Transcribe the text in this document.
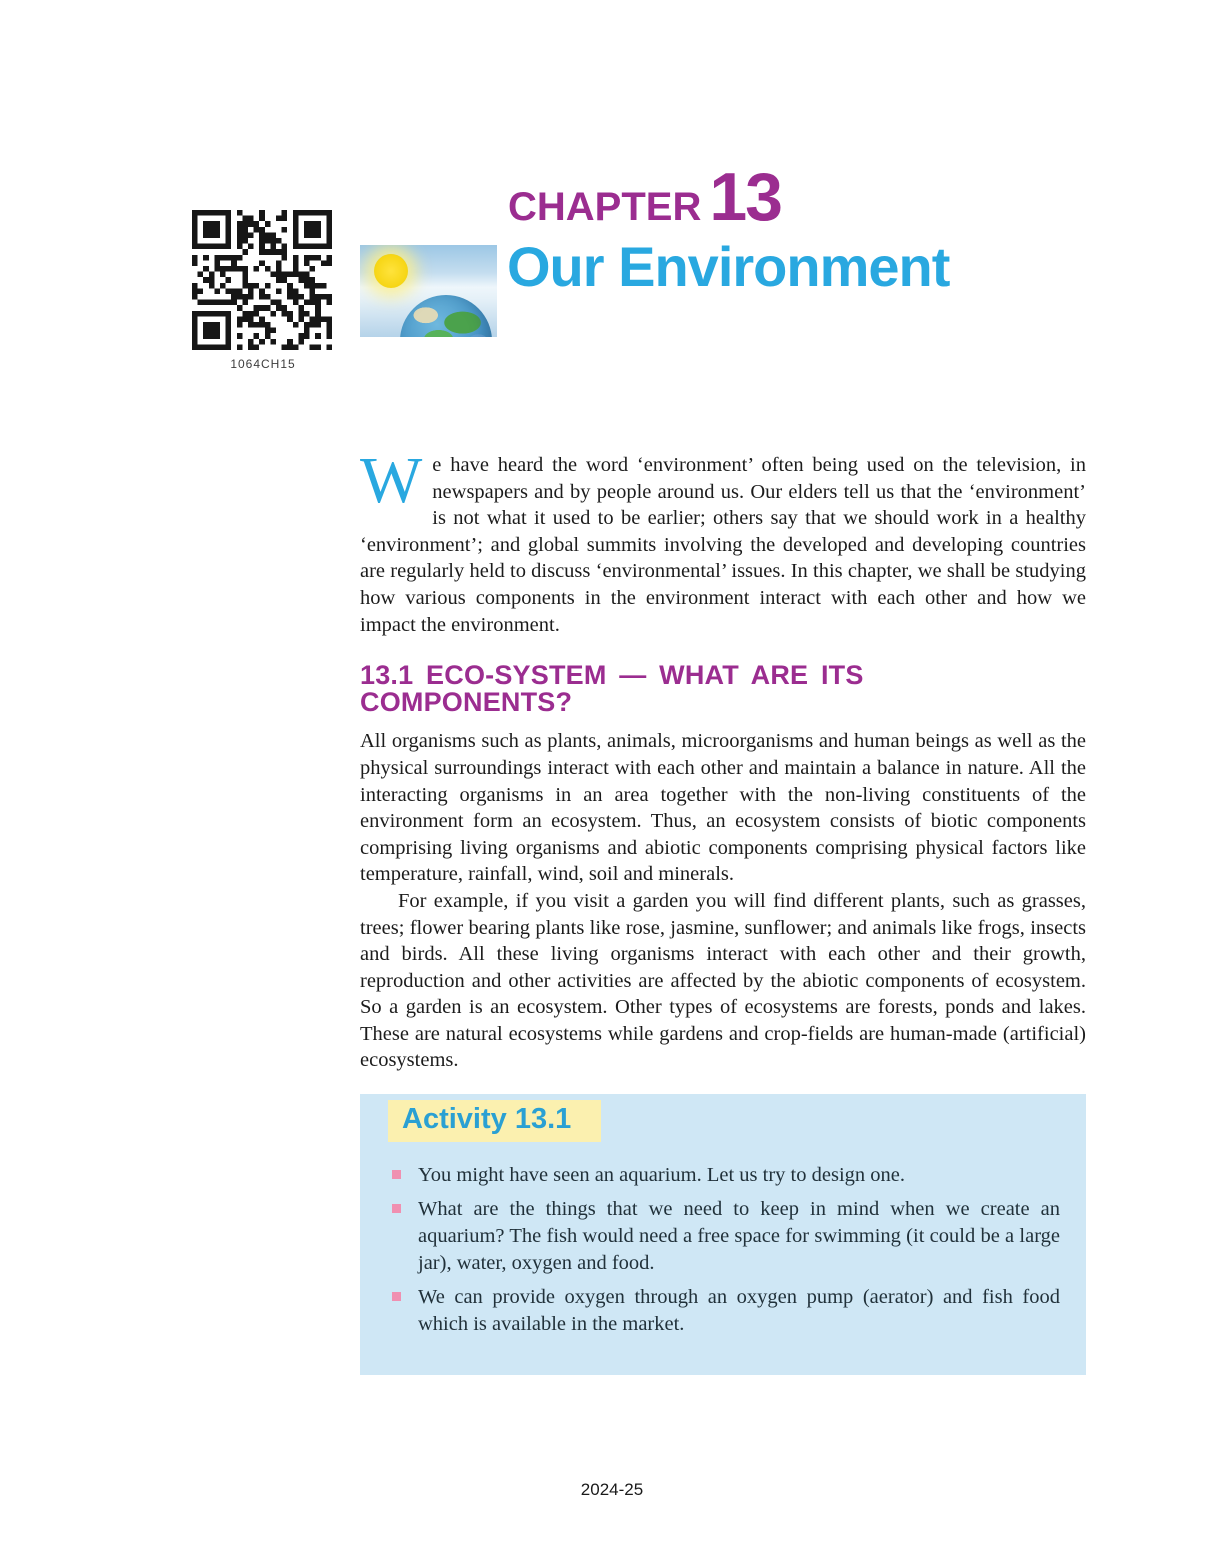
1064CH15
CHAPTER 13
Our Environment

We have heard the word ‘environment’ often being used on the television, in newspapers and by people around us. Our elders tell us that the ‘environment’ is not what it used to be earlier; others say that we should work in a healthy ‘environment’; and global summits involving the developed and developing countries are regularly held to discuss ‘environmental’ issues. In this chapter, we shall be studying how various components in the environment interact with each other and how we impact the environment.

13.1 ECO-SYSTEM — WHAT ARE ITS COMPONENTS?

All organisms such as plants, animals, microorganisms and human beings as well as the physical surroundings interact with each other and maintain a balance in nature. All the interacting organisms in an area together with the non-living constituents of the environment form an ecosystem. Thus, an ecosystem consists of biotic components comprising living organisms and abiotic components comprising physical factors like temperature, rainfall, wind, soil and minerals.

For example, if you visit a garden you will find different plants, such as grasses, trees; flower bearing plants like rose, jasmine, sunflower; and animals like frogs, insects and birds. All these living organisms interact with each other and their growth, reproduction and other activities are affected by the abiotic components of ecosystem. So a garden is an ecosystem. Other types of ecosystems are forests, ponds and lakes. These are natural ecosystems while gardens and crop-fields are human-made (artificial) ecosystems.

Activity 13.1
You might have seen an aquarium. Let us try to design one.
What are the things that we need to keep in mind when we create an aquarium? The fish would need a free space for swimming (it could be a large jar), water, oxygen and food.
We can provide oxygen through an oxygen pump (aerator) and fish food which is available in the market.
2024-25
